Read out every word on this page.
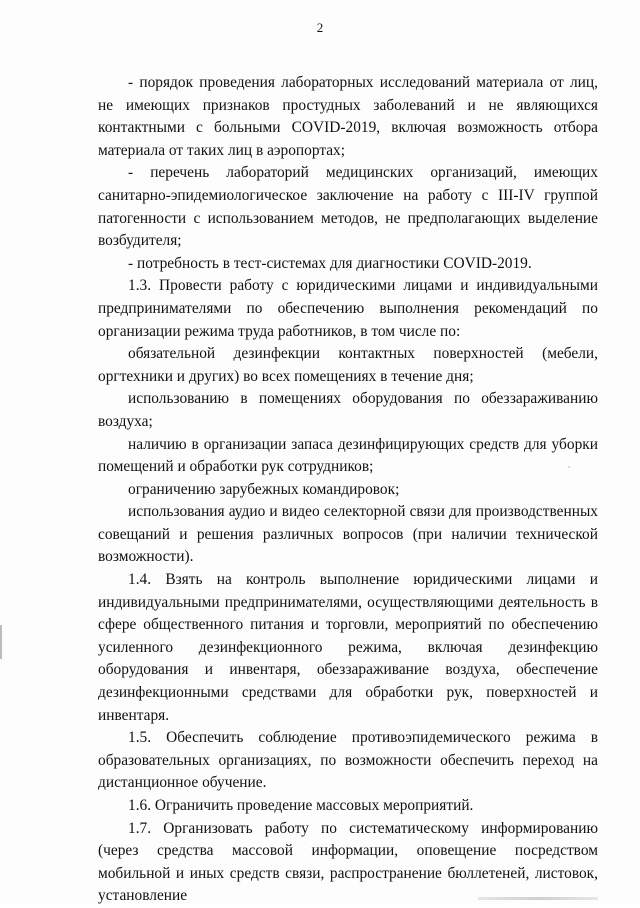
2

- порядок проведения лабораторных исследований материала от лиц, не имеющих признаков простудных заболеваний и не являющихся контактными с больными COVID-2019, включая возможность отбора материала от таких лиц в аэропортах;

- перечень лабораторий медицинских организаций, имеющих санитарно-эпидемиологическое заключение на работу с III-IV группой патогенности с использованием методов, не предполагающих выделение возбудителя;

- потребность в тест-системах для диагностики COVID-2019.

1.3. Провести работу с юридическими лицами и индивидуальными предпринимателями по обеспечению выполнения рекомендаций по организации режима труда работников, в том числе по:

обязательной дезинфекции контактных поверхностей (мебели, оргтехники и других) во всех помещениях в течение дня;

использованию в помещениях оборудования по обеззараживанию воздуха;

наличию в организации запаса дезинфицирующих средств для уборки помещений и обработки рук сотрудников;

ограничению зарубежных командировок;

использования аудио и видео селекторной связи для производственных совещаний и решения различных вопросов (при наличии технической возможности).

1.4. Взять на контроль выполнение юридическими лицами и индивидуальными предпринимателями, осуществляющими деятельность в сфере общественного питания и торговли, мероприятий по обеспечению усиленного дезинфекционного режима, включая дезинфекцию оборудования и инвентаря, обеззараживание воздуха, обеспечение дезинфекционными средствами для обработки рук, поверхностей и инвентаря.

1.5. Обеспечить соблюдение противоэпидемического режима в образовательных организациях, по возможности обеспечить переход на дистанционное обучение.

1.6. Ограничить проведение массовых мероприятий.

1.7. Организовать работу по систематическому информированию (через средства массовой информации, оповещение посредством мобильной и иных средств связи, распространение бюллетеней, листовок, установление
